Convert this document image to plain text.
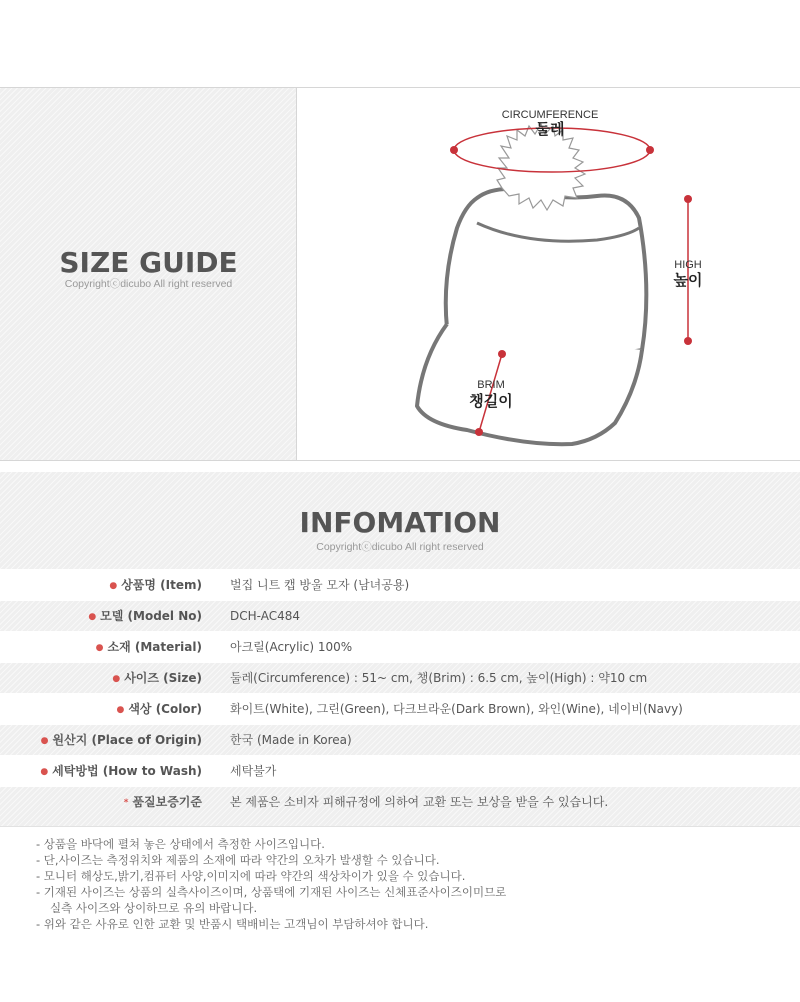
SIZE GUIDE
Copyrightⓒdicubo All right reserved
CIRCUMFERENCE
둘레
HIGH
높이
BRIM
챙길이
INFOMATION
Copyrightⓒdicubo All right reserved
● 상품명 (Item) 벌집 니트 캡 방울 모자 (남녀공용)
● 모델 (Model No) DCH-AC484
● 소재 (Material) 아크릴(Acrylic) 100%
● 사이즈 (Size) 둘레(Circumference) : 51~ cm, 챙(Brim) : 6.5 cm, 높이(High) : 약10 cm
● 색상 (Color) 화이트(White), 그린(Green), 다크브라운(Dark Brown), 와인(Wine), 네이비(Navy)
● 원산지 (Place of Origin) 한국 (Made in Korea)
● 세탁방법 (How to Wash) 세탁불가
* 품질보증기준 본 제품은 소비자 피해규정에 의하여 교환 또는 보상을 받을 수 있습니다.
- 상품을 바닥에 펼쳐 놓은 상태에서 측정한 사이즈입니다.
- 단,사이즈는 측정위치와 제품의 소재에 따라 약간의 오차가 발생할 수 있습니다.
- 모니터 해상도,밝기,컴퓨터 사양,이미지에 따라 약간의 색상차이가 있을 수 있습니다.
- 기재된 사이즈는 상품의 실측사이즈이며, 상품택에 기재된 사이즈는 신체표준사이즈이미므로
실측 사이즈와 상이하므로 유의 바랍니다.
- 위와 같은 사유로 인한 교환 및 반품시 택배비는 고객님이 부담하셔야 합니다.
